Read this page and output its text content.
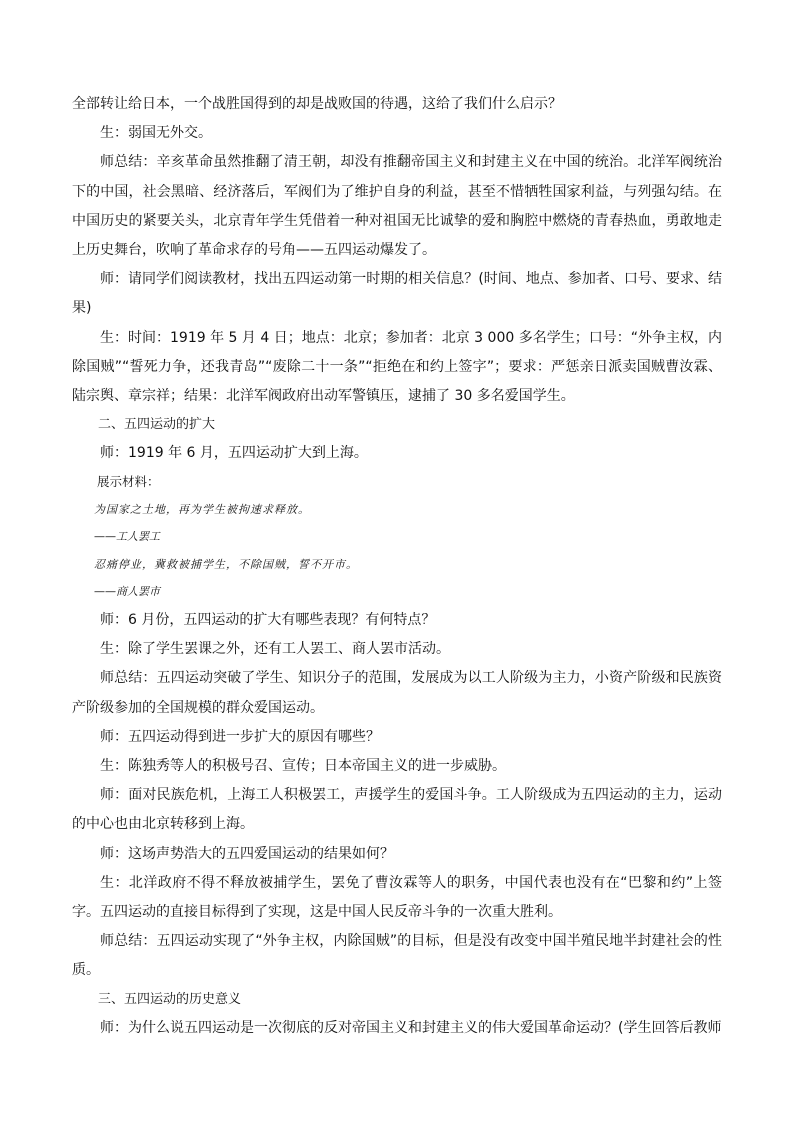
全部转让给日本，一个战胜国得到的却是战败国的待遇，这给了我们什么启示？

生：弱国无外交。

师总结：辛亥革命虽然推翻了清王朝，却没有推翻帝国主义和封建主义在中国的统治。北洋军阀统治下的中国，社会黑暗、经济落后，军阀们为了维护自身的利益，甚至不惜牺牲国家利益，与列强勾结。在中国历史的紧要关头，北京青年学生凭借着一种对祖国无比诚挚的爱和胸腔中燃烧的青春热血，勇敢地走上历史舞台，吹响了革命求存的号角——五四运动爆发了。

师：请同学们阅读教材，找出五四运动第一时期的相关信息？(时间、地点、参加者、口号、要求、结果)

生：时间：1919 年 5 月 4 日；地点：北京；参加者：北京 3 000 多名学生；口号：“外争主权，内除国贼”“誓死力争，还我青岛”“废除二十一条”“拒绝在和约上签字”；要求：严惩亲日派卖国贼曹汝霖、陆宗舆、章宗祥；结果：北洋军阀政府出动军警镇压，逮捕了 30 多名爱国学生。

二、五四运动的扩大

师：1919 年 6 月，五四运动扩大到上海。

展示材料：

为国家之土地，再为学生被拘速求释放。

——工人罢工

忍痛停业，冀救被捕学生，不除国贼，誓不开市。

——商人罢市

师：6 月份，五四运动的扩大有哪些表现？有何特点？

生：除了学生罢课之外，还有工人罢工、商人罢市活动。

师总结：五四运动突破了学生、知识分子的范围，发展成为以工人阶级为主力，小资产阶级和民族资产阶级参加的全国规模的群众爱国运动。

师：五四运动得到进一步扩大的原因有哪些？

生：陈独秀等人的积极号召、宣传；日本帝国主义的进一步威胁。

师：面对民族危机，上海工人积极罢工，声援学生的爱国斗争。工人阶级成为五四运动的主力，运动的中心也由北京转移到上海。

师：这场声势浩大的五四爱国运动的结果如何？

生：北洋政府不得不释放被捕学生，罢免了曹汝霖等人的职务，中国代表也没有在“巴黎和约”上签字。五四运动的直接目标得到了实现，这是中国人民反帝斗争的一次重大胜利。

师总结：五四运动实现了“外争主权，内除国贼”的目标，但是没有改变中国半殖民地半封建社会的性质。

三、五四运动的历史意义

师：为什么说五四运动是一次彻底的反对帝国主义和封建主义的伟大爱国革命运动？(学生回答后教师
